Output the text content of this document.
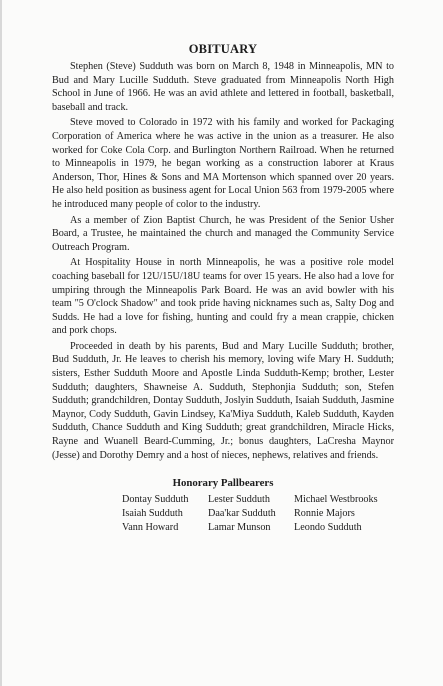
OBITUARY

Stephen (Steve) Sudduth was born on March 8, 1948 in Minneapolis, MN to Bud and Mary Lucille Sudduth. Steve graduated from Minneapolis North High School in June of 1966. He was an avid athlete and lettered in football, basketball, baseball and track.

Steve moved to Colorado in 1972 with his family and worked for Packaging Corporation of America where he was active in the union as a treasurer. He also worked for Coke Cola Corp. and Burlington Northern Railroad. When he returned to Minneapolis in 1979, he began working as a construction laborer at Kraus Anderson, Thor, Hines & Sons and MA Mortenson which spanned over 20 years. He also held position as business agent for Local Union 563 from 1979-2005 where he introduced many people of color to the industry.

As a member of Zion Baptist Church, he was President of the Senior Usher Board, a Trustee, he maintained the church and managed the Community Service Outreach Program.

At Hospitality House in north Minneapolis, he was a positive role model coaching baseball for 12U/15U/18U teams for over 15 years. He also had a love for umpiring through the Minneapolis Park Board. He was an avid bowler with his team "5 O'clock Shadow" and took pride having nicknames such as, Salty Dog and Sudds. He had a love for fishing, hunting and could fry a mean crappie, chicken and pork chops.

Proceeded in death by his parents, Bud and Mary Lucille Sudduth; brother, Bud Sudduth, Jr. He leaves to cherish his memory, loving wife Mary H. Sudduth; sisters, Esther Sudduth Moore and Apostle Linda Sudduth-Kemp; brother, Lester Sudduth; daughters, Shawneise A. Sudduth, Stephonjia Sudduth; son, Stefen Sudduth; grandchildren, Dontay Sudduth, Joslyin Sudduth, Isaiah Sudduth, Jasmine Maynor, Cody Sudduth, Gavin Lindsey, Ka'Miya Sudduth, Kaleb Sudduth, Kayden Sudduth, Chance Sudduth and King Sudduth; great grandchildren, Miracle Hicks, Rayne and Wuanell Beard-Cumming, Jr.; bonus daughters, LaCresha Maynor (Jesse) and Dorothy Demry and a host of nieces, nephews, relatives and friends.

Honorary Pallbearers
Dontay Sudduth	Lester Sudduth	Michael Westbrooks
Isaiah Sudduth	Daa'kar Sudduth	Ronnie Majors
Vann Howard	Lamar Munson	Leondo Sudduth
